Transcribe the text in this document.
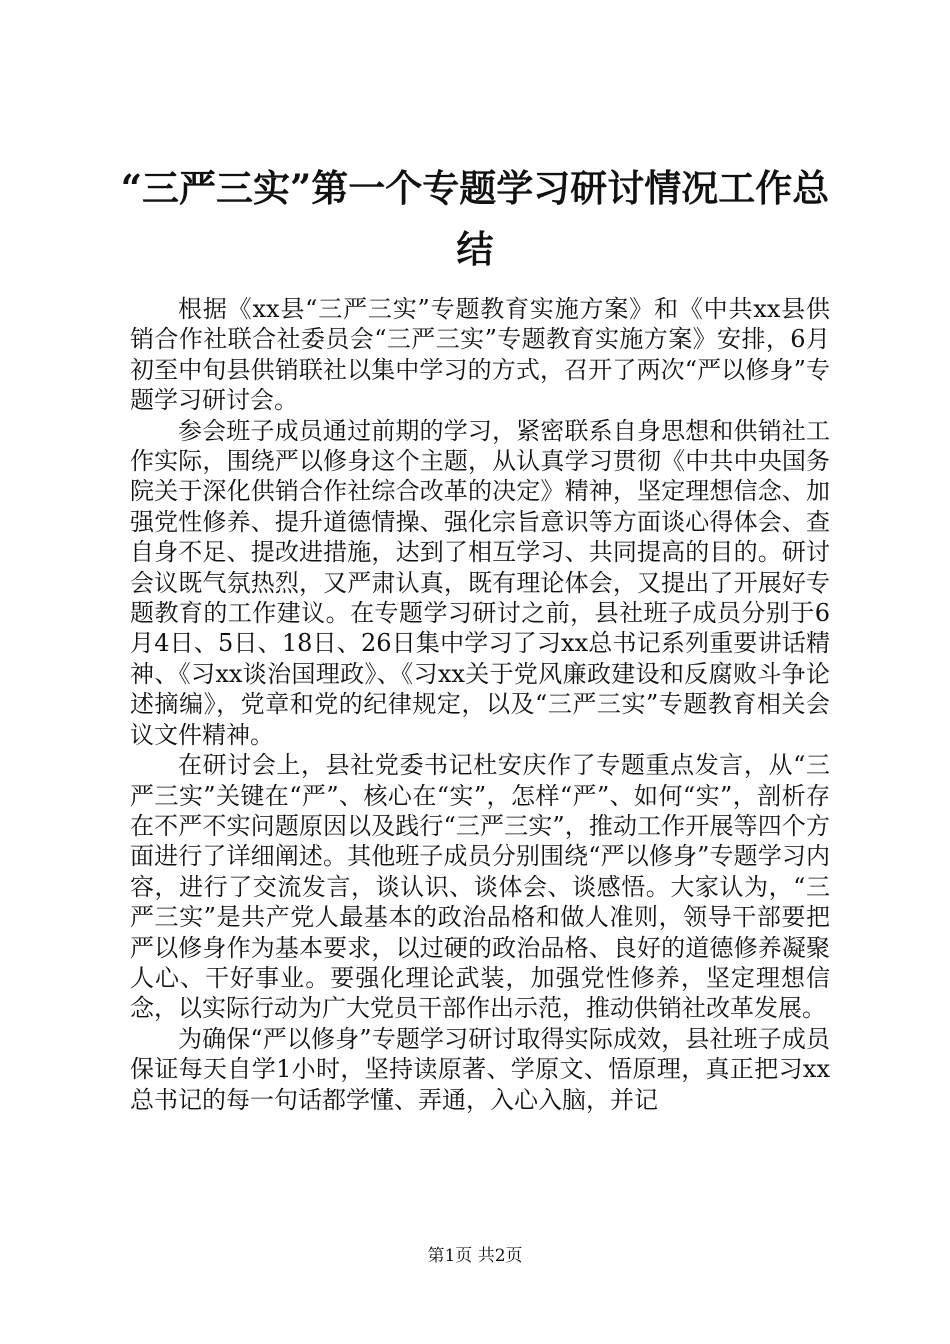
“三严三实”第一个专题学习研讨情况工作总结

根据《xx县“三严三实”专题教育实施方案》和《中共xx县供销合作社联合社委员会“三严三实”专题教育实施方案》安排，6月初至中旬县供销联社以集中学习的方式，召开了两次“严以修身”专题学习研讨会。

参会班子成员通过前期的学习，紧密联系自身思想和供销社工作实际，围绕严以修身这个主题，从认真学习贯彻《中共中央国务院关于深化供销合作社综合改革的决定》精神，坚定理想信念、加强党性修养、提升道德情操、强化宗旨意识等方面谈心得体会、查自身不足、提改进措施，达到了相互学习、共同提高的目的。研讨会议既气氛热烈，又严肃认真，既有理论体会，又提出了开展好专题教育的工作建议。在专题学习研讨之前，县社班子成员分别于6月4日、5日、18日、26日集中学习了习xx总书记系列重要讲话精神、《习xx谈治国理政》、《习xx关于党风廉政建设和反腐败斗争论述摘编》，党章和党的纪律规定，以及“三严三实”专题教育相关会议文件精神。

在研讨会上，县社党委书记杜安庆作了专题重点发言，从“三严三实”关键在“严”、核心在“实”，怎样“严”、如何“实”，剖析存在不严不实问题原因以及践行“三严三实”，推动工作开展等四个方面进行了详细阐述。其他班子成员分别围绕“严以修身”专题学习内容，进行了交流发言，谈认识、谈体会、谈感悟。大家认为，“三严三实”是共产党人最基本的政治品格和做人准则，领导干部要把严以修身作为基本要求，以过硬的政治品格、良好的道德修养凝聚人心、干好事业。要强化理论武装，加强党性修养，坚定理想信念，以实际行动为广大党员干部作出示范，推动供销社改革发展。

为确保“严以修身”专题学习研讨取得实际成效，县社班子成员保证每天自学1小时，坚持读原著、学原文、悟原理，真正把习xx总书记的每一句话都学懂、弄通，入心入脑，并记

第1页 共2页
